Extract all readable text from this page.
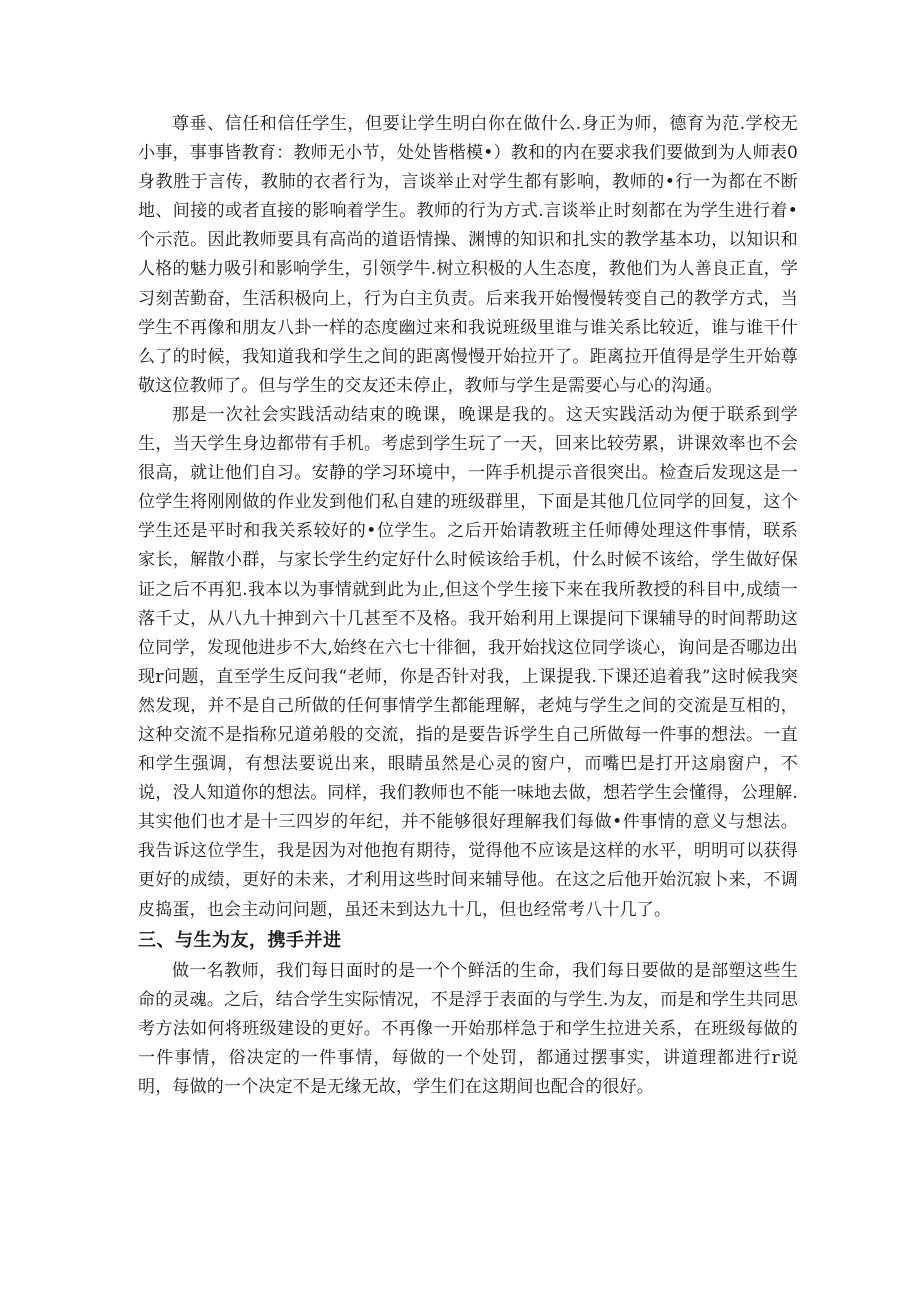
尊垂、信任和信任学生，但要让学生明白你在做什么.身正为师，德育为范.学校无小事，事事皆教育：教师无小节，处处皆楷模•）教和的内在要求我们要做到为人师表0身教胜于言传，教肺的衣者行为，言谈举止对学生都有影响，教师的•行一为都在不断地、间接的或者直接的影响着学生。教师的行为方式.言谈举止时刻都在为学生进行着•个示范。因此教师要具有高尚的道语情操、渊博的知识和扎实的教学基本功，以知识和人格的魅力吸引和影响学生，引领学牛.树立积极的人生态度，教他们为人善良正直，学习刻苦勤奋，生活积极向上，行为白主负责。后来我开始慢慢转变自己的教学方式，当学生不再像和朋友八卦一样的态度幽过来和我说班级里谁与谁关系比较近，谁与谁干什么了的时候，我知道我和学生之间的距离慢慢开始拉开了。距离拉开值得是学生开始尊敬这位教师了。但与学生的交友还未停止，教师与学生是需要心与心的沟通。

那是一次社会实践活动结束的晚课，晚课是我的。这天实践活动为便于联系到学生，当天学生身边都带有手机。考虑到学生玩了一天，回来比较劳累，讲课效率也不会很高，就让他们自习。安静的学习环境中，一阵手机提示音很突出。检查后发现这是一位学生将刚刚做的作业发到他们私自建的班级群里，下面是其他几位同学的回复，这个学生还是平时和我关系较好的•位学生。之后开始请教班主任师傅处理这件事情，联系家长，解散小群，与家长学生约定好什么时候该给手机，什么时候不该给，学生做好保证之后不再犯.我本以为事情就到此为止,但这个学生接下来在我所教授的科目中,成绩一落千丈，从八九十抻到六十几甚至不及格。我开始利用上课提问下课辅导的时间帮助这位同学，发现他进步不大,始终在六七十徘徊，我开始找这位同学谈心，询问是否哪边出现r问题，直至学生反问我“老师，你是否针对我，上课提我.下课还追着我”这时候我突然发现，并不是自己所做的任何事情学生都能理解，老炖与学生之间的交流是互相的，这种交流不是指称兄道弟般的交流，指的是要告诉学生自己所做每一件事的想法。一直和学生强调，有想法要说出来，眼睛虽然是心灵的窗户，而嘴巴是打开这扇窗户，不说，没人知道你的想法。同样，我们教师也不能一味地去做，想若学生会懂得，公理解.其实他们也才是十三四岁的年纪，并不能够很好理解我们每做•件事情的意义与想法。我告诉这位学生，我是因为对他抱有期待，觉得他不应该是这样的水平，明明可以获得更好的成绩，更好的未来，才利用这些时间来辅导他。在这之后他开始沉寂卜来，不调皮捣蛋，也会主动问问题，虽还未到达九十几，但也经常考八十几了。

三、与生为友，携手并进

做一名教师，我们每日面时的是一个个鲜活的生命，我们每日要做的是部塑这些生命的灵魂。之后，结合学生实际情况，不是浮于表面的与学生.为友，而是和学生共同思考方法如何将班级建设的更好。不再像一开始那样急于和学生拉进关系，在班级每做的一件事情，俗决定的一件事情，每做的一个处罚，都通过摆事实，讲道理都进行r说明，每做的一个决定不是无缘无故，学生们在这期间也配合的很好。
